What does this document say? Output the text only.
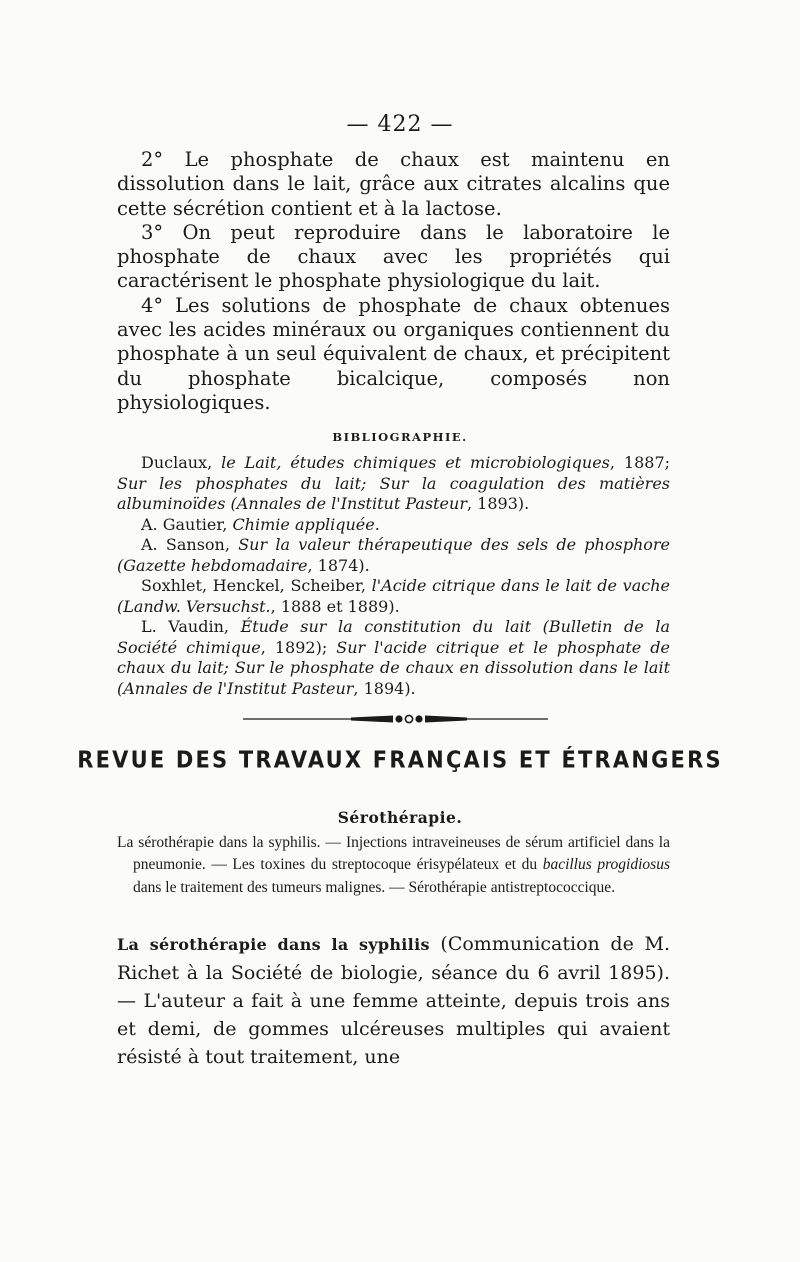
— 422 —

2° Le phosphate de chaux est maintenu en dissolution dans le lait, grâce aux citrates alcalins que cette sécrétion contient et à la lactose.

3° On peut reproduire dans le laboratoire le phosphate de chaux avec les propriétés qui caractérisent le phosphate physiologique du lait.

4° Les solutions de phosphate de chaux obtenues avec les acides minéraux ou organiques contiennent du phosphate à un seul équivalent de chaux, et précipitent du phosphate bicalcique, composés non physiologiques.

BIBLIOGRAPHIE.

Duclaux, le Lait, études chimiques et microbiologiques, 1887; Sur les phosphates du lait; Sur la coagulation des matières albuminoïdes (Annales de l'Institut Pasteur, 1893).

A. Gautier, Chimie appliquée.

A. Sanson, Sur la valeur thérapeutique des sels de phosphore (Gazette hebdomadaire, 1874).

Soxhlet, Henckel, Scheiber, l'Acide citrique dans le lait de vache (Landw. Versuchst., 1888 et 1889).

L. Vaudin, Étude sur la constitution du lait (Bulletin de la Société chimique, 1892); Sur l'acide citrique et le phosphate de chaux du lait; Sur le phosphate de chaux en dissolution dans le lait (Annales de l'Institut Pasteur, 1894).

REVUE DES TRAVAUX FRANÇAIS ET ÉTRANGERS
Sérothérapie.

La sérothérapie dans la syphilis. — Injections intraveineuses de sérum artificiel dans la pneumonie. — Les toxines du streptocoque érisypélateux et du bacillus progidiosus dans le traitement des tumeurs malignes. — Sérothérapie antistreptococcique.

La sérothérapie dans la syphilis (Communication de M. Richet à la Société de biologie, séance du 6 avril 1895). — L'auteur a fait à une femme atteinte, depuis trois ans et demi, de gommes ulcéreuses multiples qui avaient résisté à tout traitement, une
